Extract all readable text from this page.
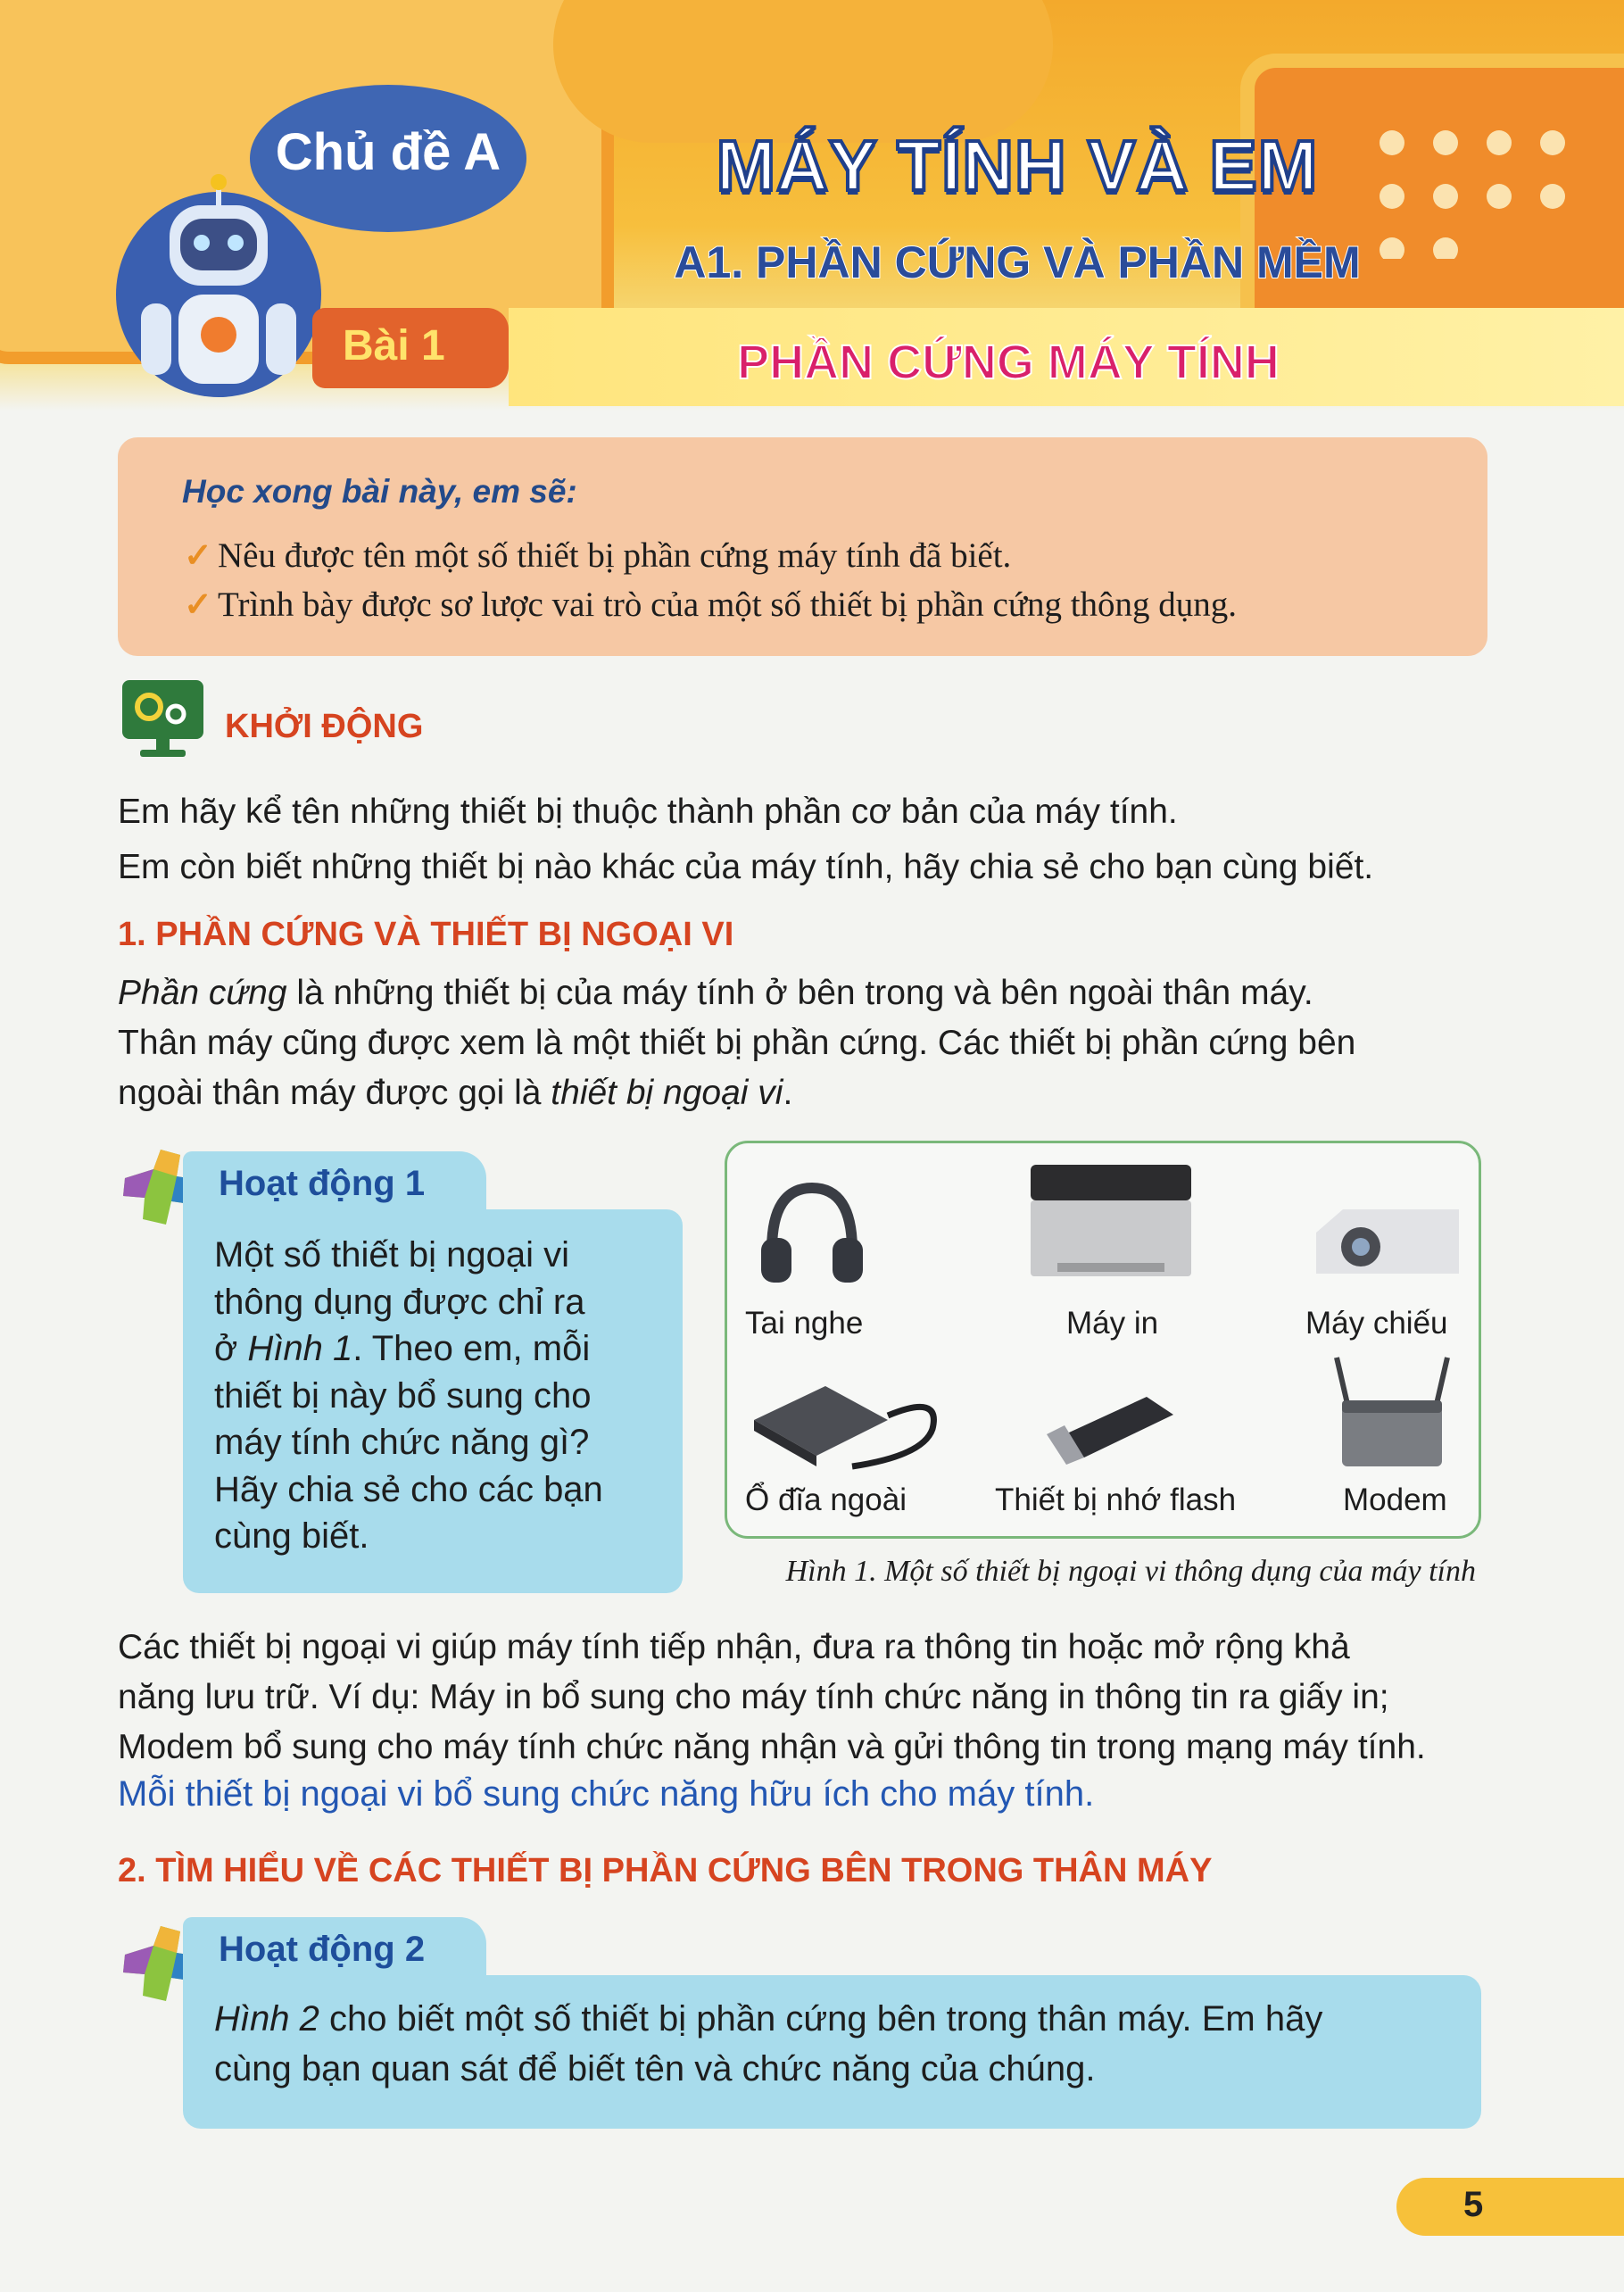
Chủ đề A
Bài 1
MÁY TÍNH VÀ EM
A1. PHẦN CỨNG VÀ PHẦN MỀM
PHẦN CỨNG MÁY TÍNH
Học xong bài này, em sẽ:
✓ Nêu được tên một số thiết bị phần cứng máy tính đã biết.
✓ Trình bày được sơ lược vai trò của một số thiết bị phần cứng thông dụng.
KHỞI ĐỘNG
Em hãy kể tên những thiết bị thuộc thành phần cơ bản của máy tính.
Em còn biết những thiết bị nào khác của máy tính, hãy chia sẻ cho bạn cùng biết.
1. PHẦN CỨNG VÀ THIẾT BỊ NGOẠI VI
Phần cứng là những thiết bị của máy tính ở bên trong và bên ngoài thân máy.
Thân máy cũng được xem là một thiết bị phần cứng. Các thiết bị phần cứng bên
ngoài thân máy được gọi là thiết bị ngoại vi.
Hoạt động 1
Một số thiết bị ngoại vi
thông dụng được chỉ ra
ở Hình 1. Theo em, mỗi
thiết bị này bổ sung cho
máy tính chức năng gì?
Hãy chia sẻ cho các bạn
cùng biết.
Tai nghe	Máy in	Máy chiếu
Ổ đĩa ngoài	Thiết bị nhớ flash	Modem
Hình 1. Một số thiết bị ngoại vi thông dụng của máy tính
Các thiết bị ngoại vi giúp máy tính tiếp nhận, đưa ra thông tin hoặc mở rộng khả
năng lưu trữ. Ví dụ: Máy in bổ sung cho máy tính chức năng in thông tin ra giấy in;
Modem bổ sung cho máy tính chức năng nhận và gửi thông tin trong mạng máy tính.
Mỗi thiết bị ngoại vi bổ sung chức năng hữu ích cho máy tính.
2. TÌM HIỂU VỀ CÁC THIẾT BỊ PHẦN CỨNG BÊN TRONG THÂN MÁY
Hoạt động 2
Hình 2 cho biết một số thiết bị phần cứng bên trong thân máy. Em hãy
cùng bạn quan sát để biết tên và chức năng của chúng.
5
